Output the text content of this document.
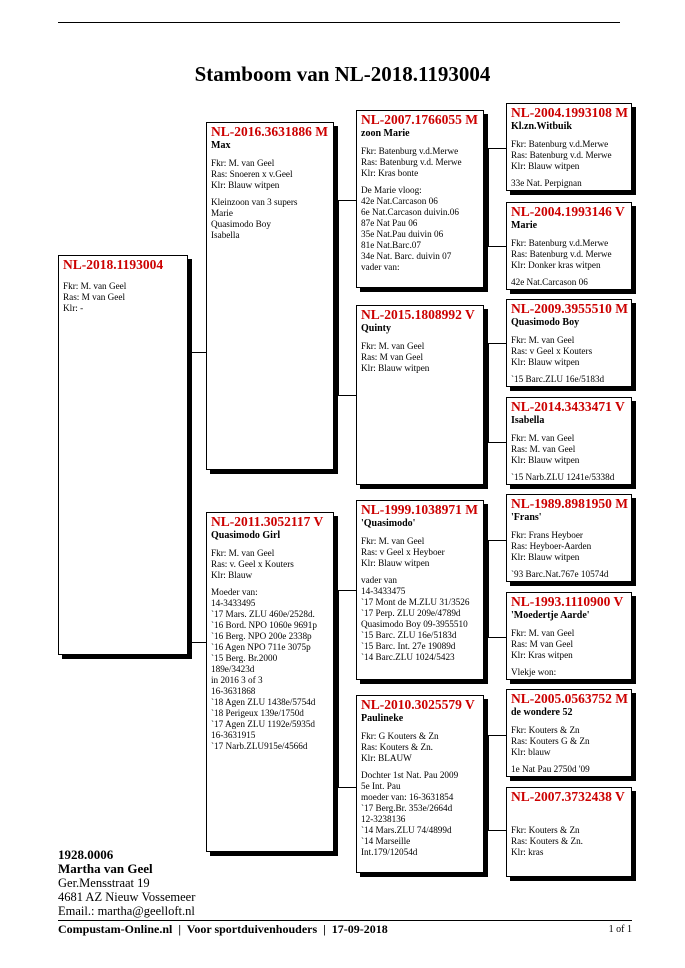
Stamboom van NL-2018.1193004
NL-2018.1193004
Fkr: M. van Geel
Ras: M van Geel
Klr: -
NL-2016.3631886 M
Max
Fkr: M. van Geel
Ras: Snoeren x v.Geel
Klr: Blauw witpen
Kleinzoon van 3 supers
Marie
Quasimodo Boy
Isabella
NL-2011.3052117 V
Quasimodo Girl
Fkr: M. van Geel
Ras: v. Geel x Kouters
Klr: Blauw
Moeder van:
14-3433495
`17 Mars. ZLU 460e/2528d.
`16 Bord. NPO 1060e 9691p
`16 Berg. NPO 200e 2338p
`16 Agen NPO 711e 3075p
`15 Berg. Br.2000
189e/3423d
in 2016 3 of 3
16-3631868
`18 Agen ZLU 1438e/5754d
`18 Perigeux 139e/1750d
`17 Agen ZLU 1192e/5935d
16-3631915
`17 Narb.ZLU915e/4566d
NL-2007.1766055 M
zoon Marie
Fkr: Batenburg v.d.Merwe
Ras: Batenburg v.d. Merwe
Klr: Kras bonte
De Marie vloog:
42e Nat.Carcason 06
6e Nat.Carcason duivin.06
87e Nat Pau 06
35e Nat.Pau duivin 06
81e Nat.Barc.07
34e Nat. Barc. duivin 07
vader van:
NL-2015.1808992 V
Quinty
Fkr: M. van Geel
Ras: M van Geel
Klr: Blauw witpen
NL-1999.1038971 M
'Quasimodo'
Fkr: M. van Geel
Ras: v Geel x Heyboer
Klr: Blauw witpen
vader van
14-3433475
`17 Mont de M.ZLU 31/3526
`17 Perp. ZLU 209e/4789d
Quasimodo Boy 09-3955510
`15 Barc. ZLU 16e/5183d
`15 Barc. Int. 27e 19089d
`14 Barc.ZLU 1024/5423
NL-2010.3025579 V
Paulineke
Fkr: G Kouters & Zn
Ras: Kouters & Zn.
Klr: BLAUW
Dochter 1st Nat. Pau 2009
5e Int. Pau
moeder van: 16-3631854
`17 Berg.Br. 353e/2664d
12-3238136
`14 Mars.ZLU 74/4899d
`14 Marseille
Int.179/12054d
NL-2004.1993108 M
Kl.zn.Witbuik
Fkr: Batenburg v.d.Merwe
Ras: Batenburg v.d. Merwe
Klr: Blauw witpen
33e Nat. Perpignan
NL-2004.1993146 V
Marie
Fkr: Batenburg v.d.Merwe
Ras: Batenburg v.d. Merwe
Klr: Donker kras witpen
42e Nat.Carcason 06
NL-2009.3955510 M
Quasimodo Boy
Fkr: M. van Geel
Ras: v Geel x Kouters
Klr: Blauw witpen
`15 Barc.ZLU 16e/5183d
NL-2014.3433471 V
Isabella
Fkr: M. van Geel
Ras: M. van Geel
Klr: Blauw witpen
`15 Narb.ZLU 1241e/5338d
NL-1989.8981950 M
'Frans'
Fkr: Frans Heyboer
Ras: Heyboer-Aarden
Klr: Blauw witpen
`93 Barc.Nat.767e 10574d
NL-1993.1110900 V
'Moedertje Aarde'
Fkr: M. van Geel
Ras: M van Geel
Klr: Kras witpen
Vlekje won:
NL-2005.0563752 M
de wondere 52
Fkr: Kouters & Zn
Ras: Kouters G & Zn
Klr: blauw
1e Nat Pau 2750d '09
NL-2007.3732438 V
Fkr: Kouters & Zn
Ras: Kouters & Zn.
Klr: kras
1928.0006
Martha van Geel
Ger.Mensstraat 19
4681 AZ Nieuw Vossemeer
Email.: martha@geelloft.nl
Compustam-Online.nl  |  Voor sportduivenhouders  |  17-09-2018	1 of 1
